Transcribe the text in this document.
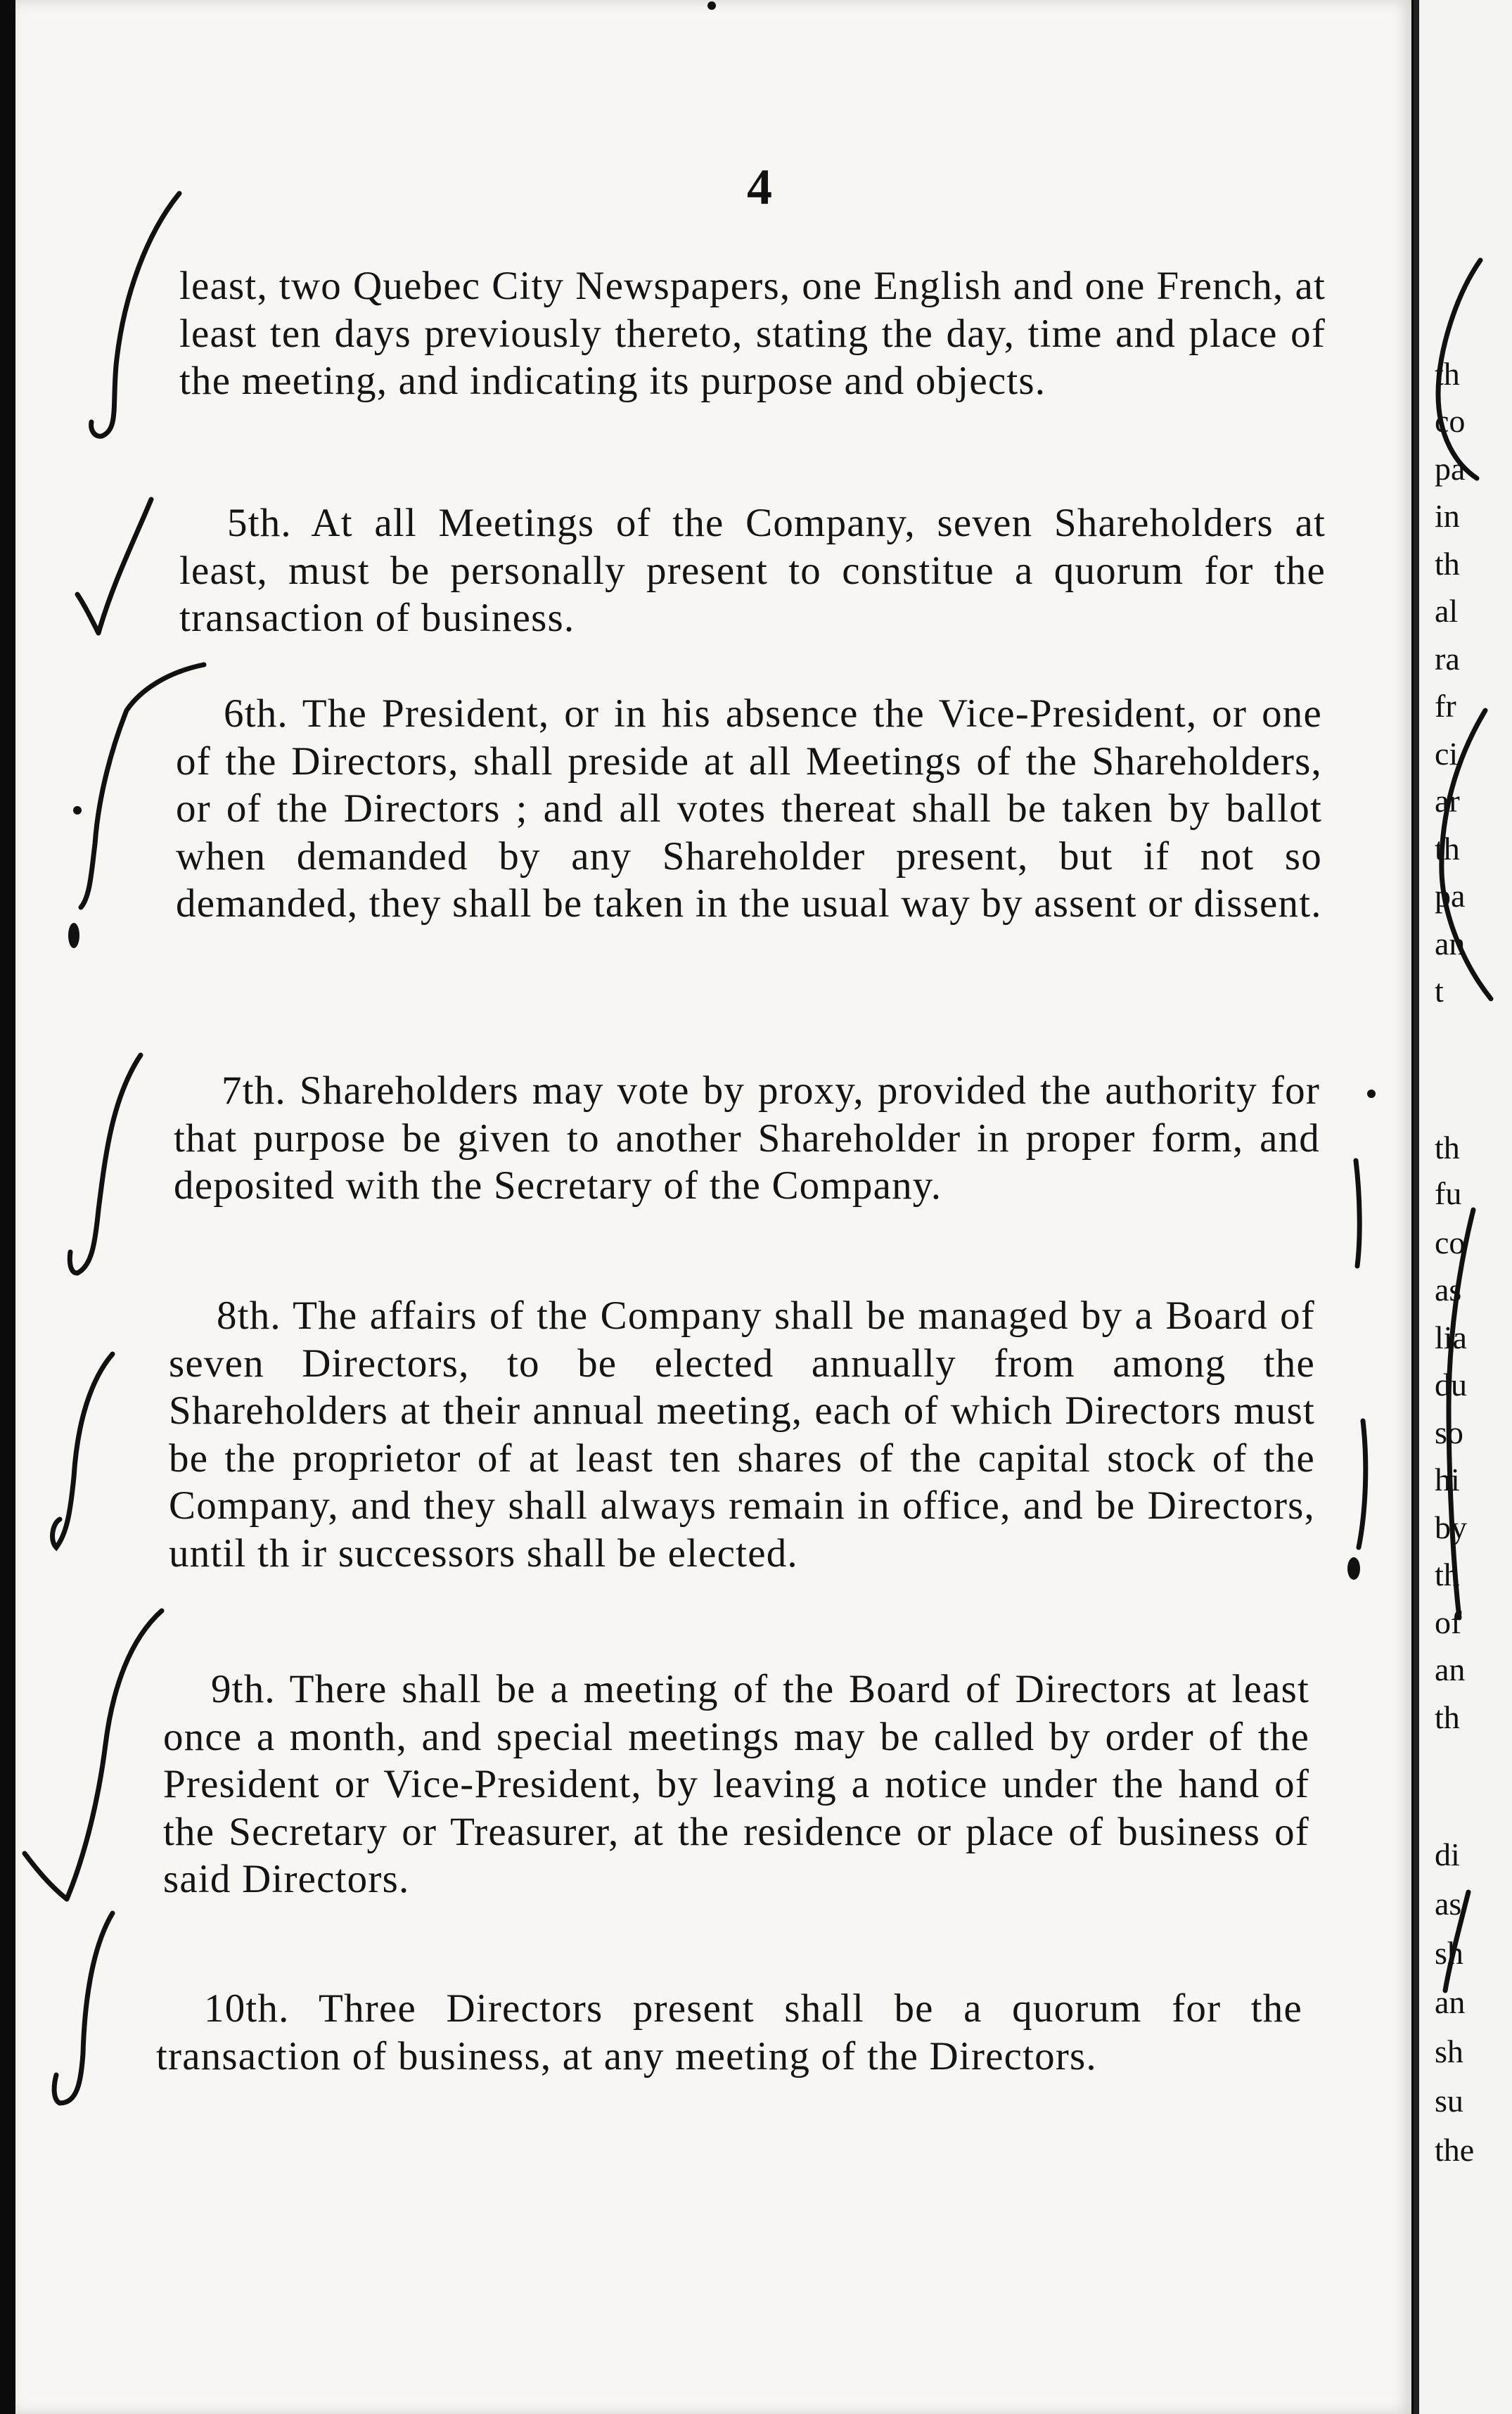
4

least, two Quebec City Newspapers, one English and one French, at least ten days previously thereto, stating the day, time and place of the meeting, and indicating its purpose and objects.

5th. At all Meetings of the Company, seven Shareholders at least, must be personally present to constitue a quorum for the transaction of business.

6th. The President, or in his absence the Vice-President, or one of the Directors, shall preside at all Meetings of the Shareholders, or of the Directors ; and all votes thereat shall be taken by ballot when demanded by any Shareholder present, but if not so demanded, they shall be taken in the usual way by assent or dissent.

7th. Shareholders may vote by proxy, provided the authority for that purpose be given to another Shareholder in proper form, and deposited with the Secretary of the Company.

8th. The affairs of the Company shall be managed by a Board of seven Directors, to be elected annually from among the Shareholders at their annual meeting, each of which Directors must be the proprietor of at least ten shares of the capital stock of the Company, and they shall always remain in office, and be Directors, until th ir successors shall be elected.

9th. There shall be a meeting of the Board of Directors at least once a month, and special meetings may be called by order of the President or Vice-President, by leaving a notice under the hand of the Secretary or Treasurer, at the residence or place of business of said Directors.

10th. Three Directors present shall be a quorum for the transaction of business, at any meeting of the Directors.

th
co
pa
in
th
al
ra
fr
ci
ar
th
pa
an
t
th
fu
co
as
lia
du
so
hi
by
th
of
an
th
di
as
sh
an
sh
su
the
